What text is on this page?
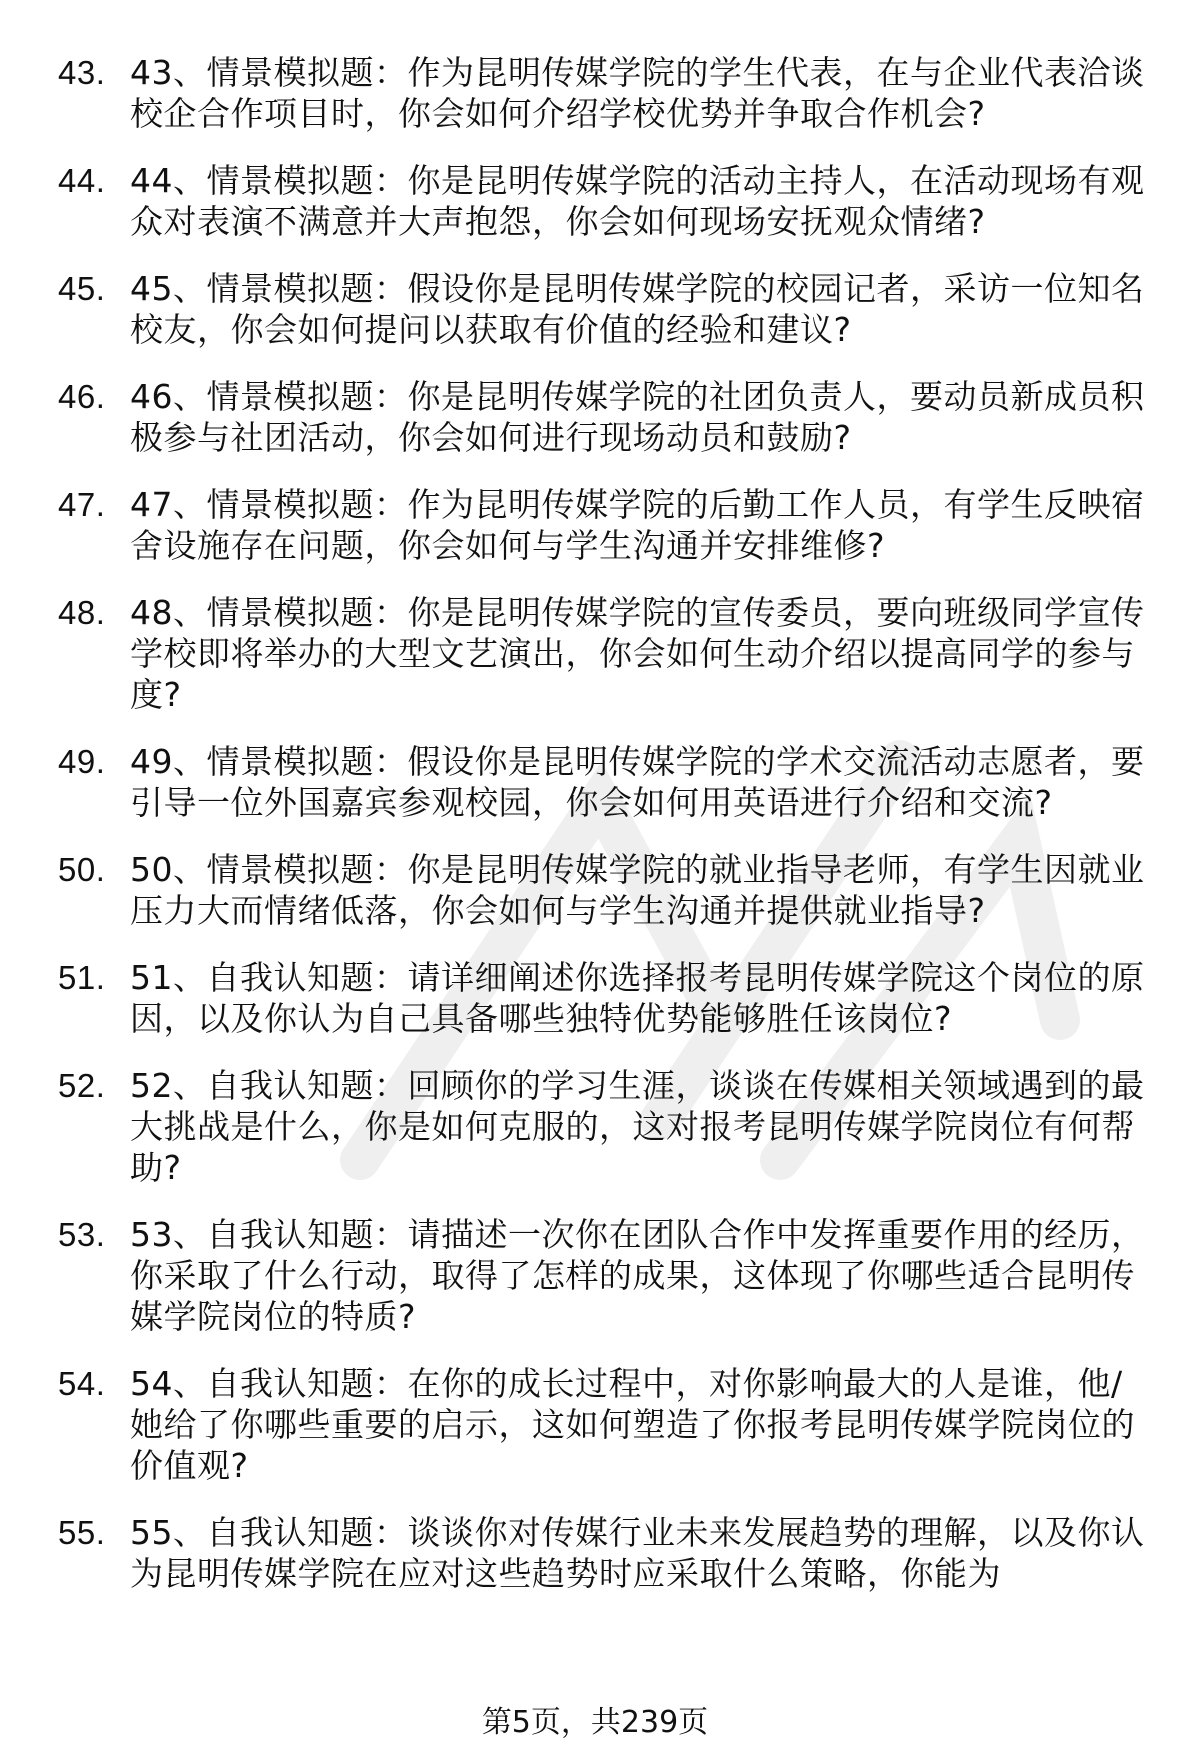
43. 43、情景模拟题：作为昆明传媒学院的学生代表，在与企业代表洽谈校企合作项目时，你会如何介绍学校优势并争取合作机会?
44. 44、情景模拟题：你是昆明传媒学院的活动主持人，在活动现场有观众对表演不满意并大声抱怨，你会如何现场安抚观众情绪?
45. 45、情景模拟题：假设你是昆明传媒学院的校园记者，采访一位知名校友，你会如何提问以获取有价值的经验和建议?
46. 46、情景模拟题：你是昆明传媒学院的社团负责人，要动员新成员积极参与社团活动，你会如何进行现场动员和鼓励?
47. 47、情景模拟题：作为昆明传媒学院的后勤工作人员，有学生反映宿舍设施存在问题，你会如何与学生沟通并安排维修?
48. 48、情景模拟题：你是昆明传媒学院的宣传委员，要向班级同学宣传学校即将举办的大型文艺演出，你会如何生动介绍以提高同学的参与度?
49. 49、情景模拟题：假设你是昆明传媒学院的学术交流活动志愿者，要引导一位外国嘉宾参观校园，你会如何用英语进行介绍和交流?
50. 50、情景模拟题：你是昆明传媒学院的就业指导老师，有学生因就业压力大而情绪低落，你会如何与学生沟通并提供就业指导?
51. 51、自我认知题：请详细阐述你选择报考昆明传媒学院这个岗位的原因，以及你认为自己具备哪些独特优势能够胜任该岗位?
52. 52、自我认知题：回顾你的学习生涯，谈谈在传媒相关领域遇到的最大挑战是什么，你是如何克服的，这对报考昆明传媒学院岗位有何帮助?
53. 53、自我认知题：请描述一次你在团队合作中发挥重要作用的经历，你采取了什么行动，取得了怎样的成果，这体现了你哪些适合昆明传媒学院岗位的特质?
54. 54、自我认知题：在你的成长过程中，对你影响最大的人是谁，他/她给了你哪些重要的启示，这如何塑造了你报考昆明传媒学院岗位的价值观?
55. 55、自我认知题：谈谈你对传媒行业未来发展趋势的理解，以及你认为昆明传媒学院在应对这些趋势时应采取什么策略，你能为
第5页，共239页
